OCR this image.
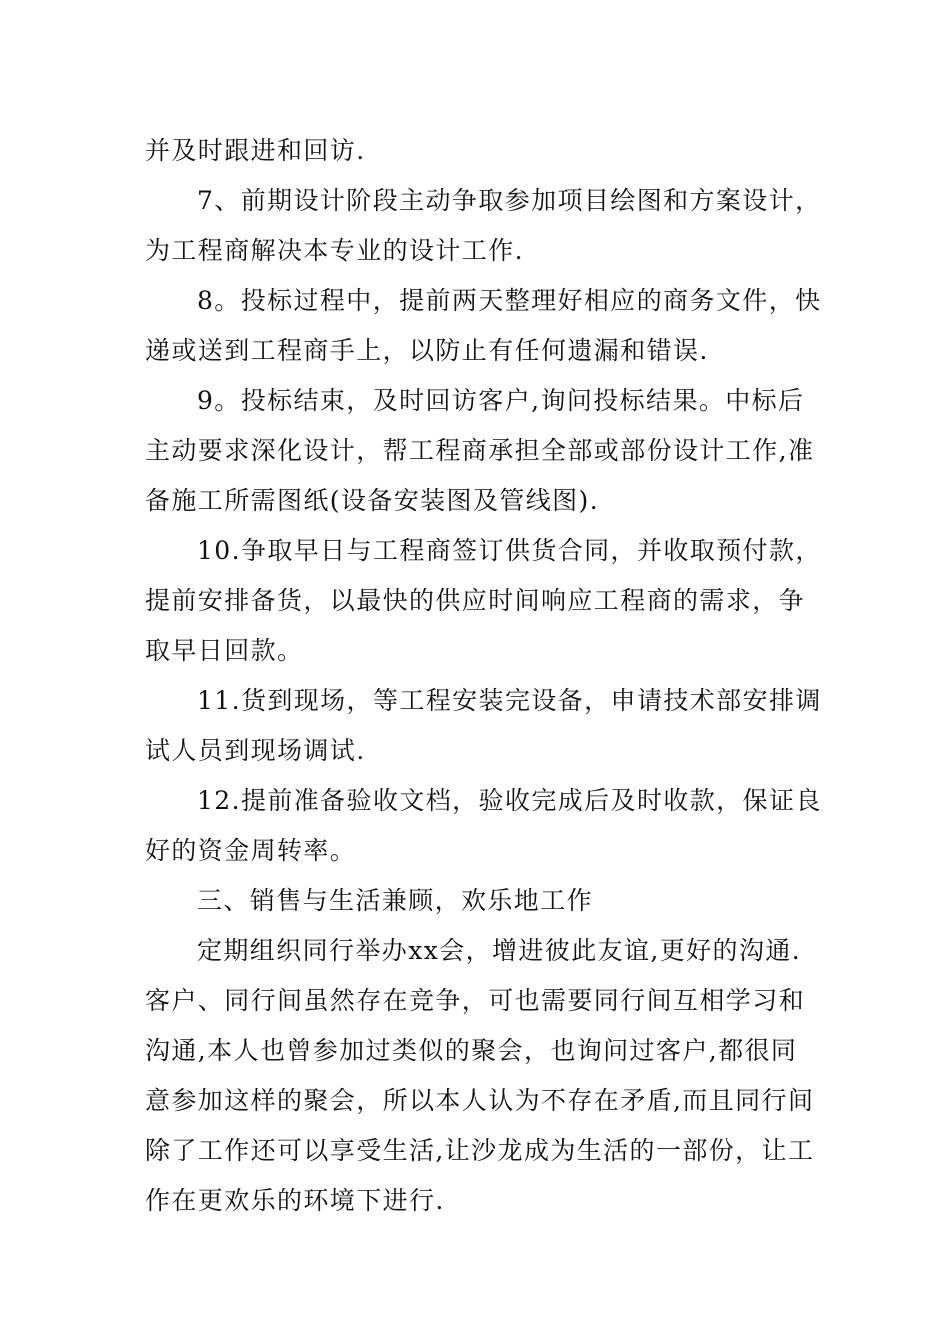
并及时跟进和回访.
7、前期设计阶段主动争取参加项目绘图和方案设计，
为工程商解决本专业的设计工作.
8。投标过程中，提前两天整理好相应的商务文件，快
递或送到工程商手上，以防止有任何遗漏和错误.
9。投标结束，及时回访客户,询问投标结果。中标后
主动要求深化设计，帮工程商承担全部或部份设计工作,准
备施工所需图纸(设备安装图及管线图).
10.争取早日与工程商签订供货合同，并收取预付款，
提前安排备货，以最快的供应时间响应工程商的需求，争
取早日回款。
11.货到现场，等工程安装完设备，申请技术部安排调
试人员到现场调试.
12.提前准备验收文档，验收完成后及时收款，保证良
好的资金周转率。
三、销售与生活兼顾，欢乐地工作
定期组织同行举办xx会，增进彼此友谊,更好的沟通.
客户、同行间虽然存在竞争，可也需要同行间互相学习和
沟通,本人也曾参加过类似的聚会，也询问过客户,都很同
意参加这样的聚会，所以本人认为不存在矛盾,而且同行间
除了工作还可以享受生活,让沙龙成为生活的一部份，让工
作在更欢乐的环境下进行.
